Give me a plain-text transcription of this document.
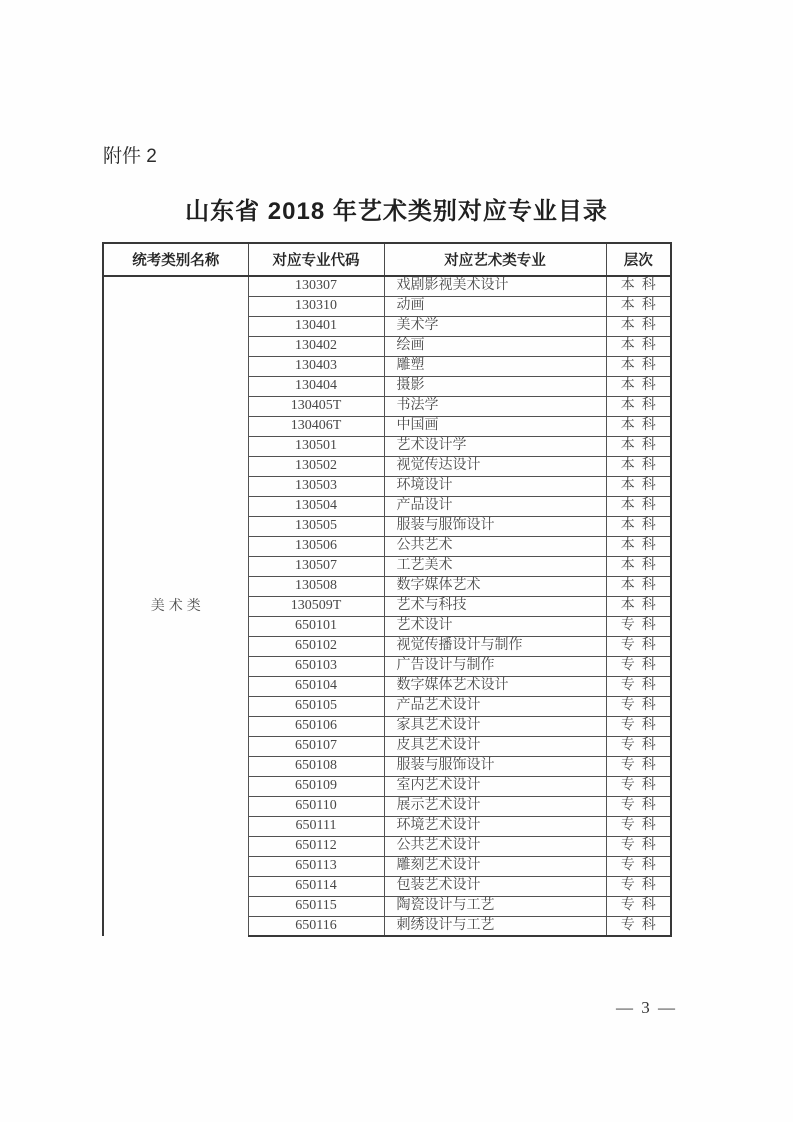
附件 2
山东省 2018 年艺术类别对应专业目录
统考类别名称	对应专业代码	对应艺术类专业	层次
美术类	130307	戏剧影视美术设计	本科
	130310	动画	本科
	130401	美术学	本科
	130402	绘画	本科
	130403	雕塑	本科
	130404	摄影	本科
	130405T	书法学	本科
	130406T	中国画	本科
	130501	艺术设计学	本科
	130502	视觉传达设计	本科
	130503	环境设计	本科
	130504	产品设计	本科
	130505	服装与服饰设计	本科
	130506	公共艺术	本科
	130507	工艺美术	本科
	130508	数字媒体艺术	本科
	130509T	艺术与科技	本科
	650101	艺术设计	专科
	650102	视觉传播设计与制作	专科
	650103	广告设计与制作	专科
	650104	数字媒体艺术设计	专科
	650105	产品艺术设计	专科
	650106	家具艺术设计	专科
	650107	皮具艺术设计	专科
	650108	服装与服饰设计	专科
	650109	室内艺术设计	专科
	650110	展示艺术设计	专科
	650111	环境艺术设计	专科
	650112	公共艺术设计	专科
	650113	雕刻艺术设计	专科
	650114	包装艺术设计	专科
	650115	陶瓷设计与工艺	专科
	650116	刺绣设计与工艺	专科
— 3 —
